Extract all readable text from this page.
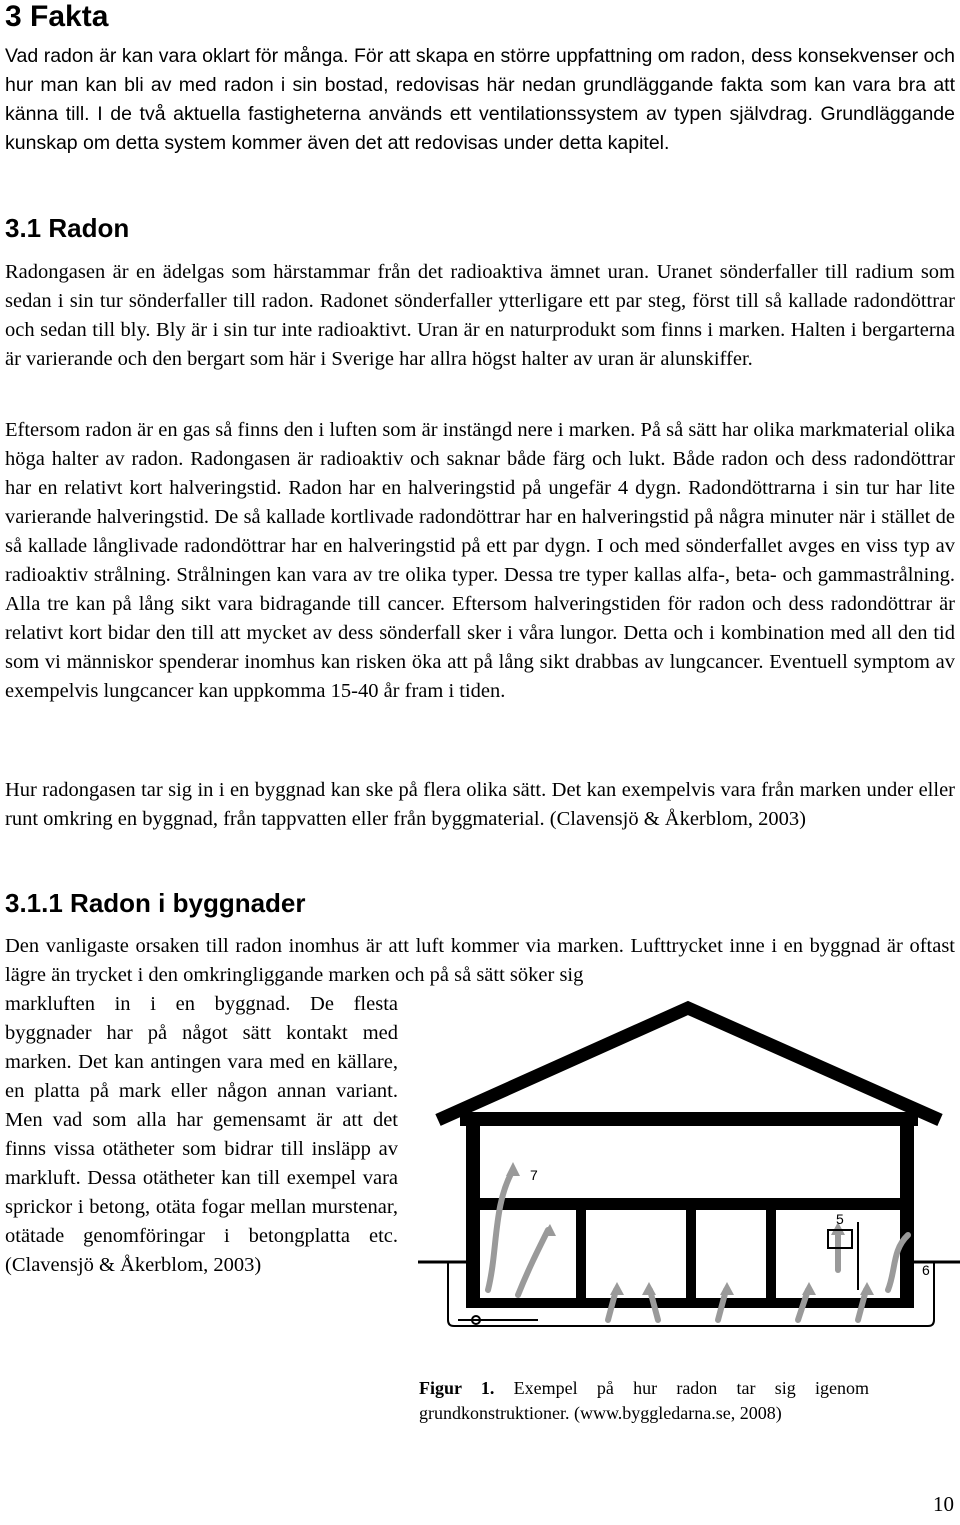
3 Fakta

Vad radon är kan vara oklart för många. För att skapa en större uppfattning om radon, dess konsekvenser och hur man kan bli av med radon i sin bostad, redovisas här nedan grundläggande fakta som kan vara bra att känna till. I de två aktuella fastigheterna används ett ventilationssystem av typen självdrag. Grundläggande kunskap om detta system kommer även det att redovisas under detta kapitel.

3.1 Radon

Radongasen är en ädelgas som härstammar från det radioaktiva ämnet uran. Uranet sönderfaller till radium som sedan i sin tur sönderfaller till radon. Radonet sönderfaller ytterligare ett par steg, först till så kallade radondöttrar och sedan till bly. Bly är i sin tur inte radioaktivt. Uran är en naturprodukt som finns i marken. Halten i bergarterna är varierande och den bergart som här i Sverige har allra högst halter av uran är alunskiffer.

Eftersom radon är en gas så finns den i luften som är instängd nere i marken. På så sätt har olika markmaterial olika höga halter av radon. Radongasen är radioaktiv och saknar både färg och lukt. Både radon och dess radondöttrar har en relativt kort halveringstid. Radon har en halveringstid på ungefär 4 dygn. Radondöttrarna i sin tur har lite varierande halveringstid. De så kallade kortlivade radondöttrar har en halveringstid på några minuter när i stället de så kallade långlivade radondöttrar har en halveringstid på ett par dygn. I och med sönderfallet avges en viss typ av radioaktiv strålning. Strålningen kan vara av tre olika typer. Dessa tre typer kallas alfa-, beta- och gammastrålning. Alla tre kan på lång sikt vara bidragande till cancer. Eftersom halveringstiden för radon och dess radondöttrar är relativt kort bidar den till att mycket av dess sönderfall sker i våra lungor. Detta och i kombination med all den tid som vi människor spenderar inomhus kan risken öka att på lång sikt drabbas av lungcancer. Eventuell symptom av exempelvis lungcancer kan uppkomma 15-40 år fram i tiden.

Hur radongasen tar sig in i en byggnad kan ske på flera olika sätt. Det kan exempelvis vara från marken under eller runt omkring en byggnad, från tappvatten eller från byggmaterial. (Clavensjö & Åkerblom, 2003)

3.1.1 Radon i byggnader

Den vanligaste orsaken till radon inomhus är att luft kommer via marken. Lufttrycket inne i en byggnad är oftast lägre än trycket i den omkringliggande marken och på så sätt söker sig

markluften in i en byggnad. De flesta byggnader har på något sätt kontakt med marken. Det kan antingen vara med en källare, en platta på mark eller någon annan variant. Men vad som alla har gemensamt är att det finns vissa otätheter som bidrar till insläpp av markluft. Dessa otätheter kan till exempel vara sprickor i betong, otäta fogar mellan murstenar, otätade genomföringar i betongplatta etc. (Clavensjö & Åkerblom, 2003)

7
5
6

Figur 1. Exempel på hur radon tar sig igenom grundkonstruktioner. (www.byggledarna.se, 2008)

10
